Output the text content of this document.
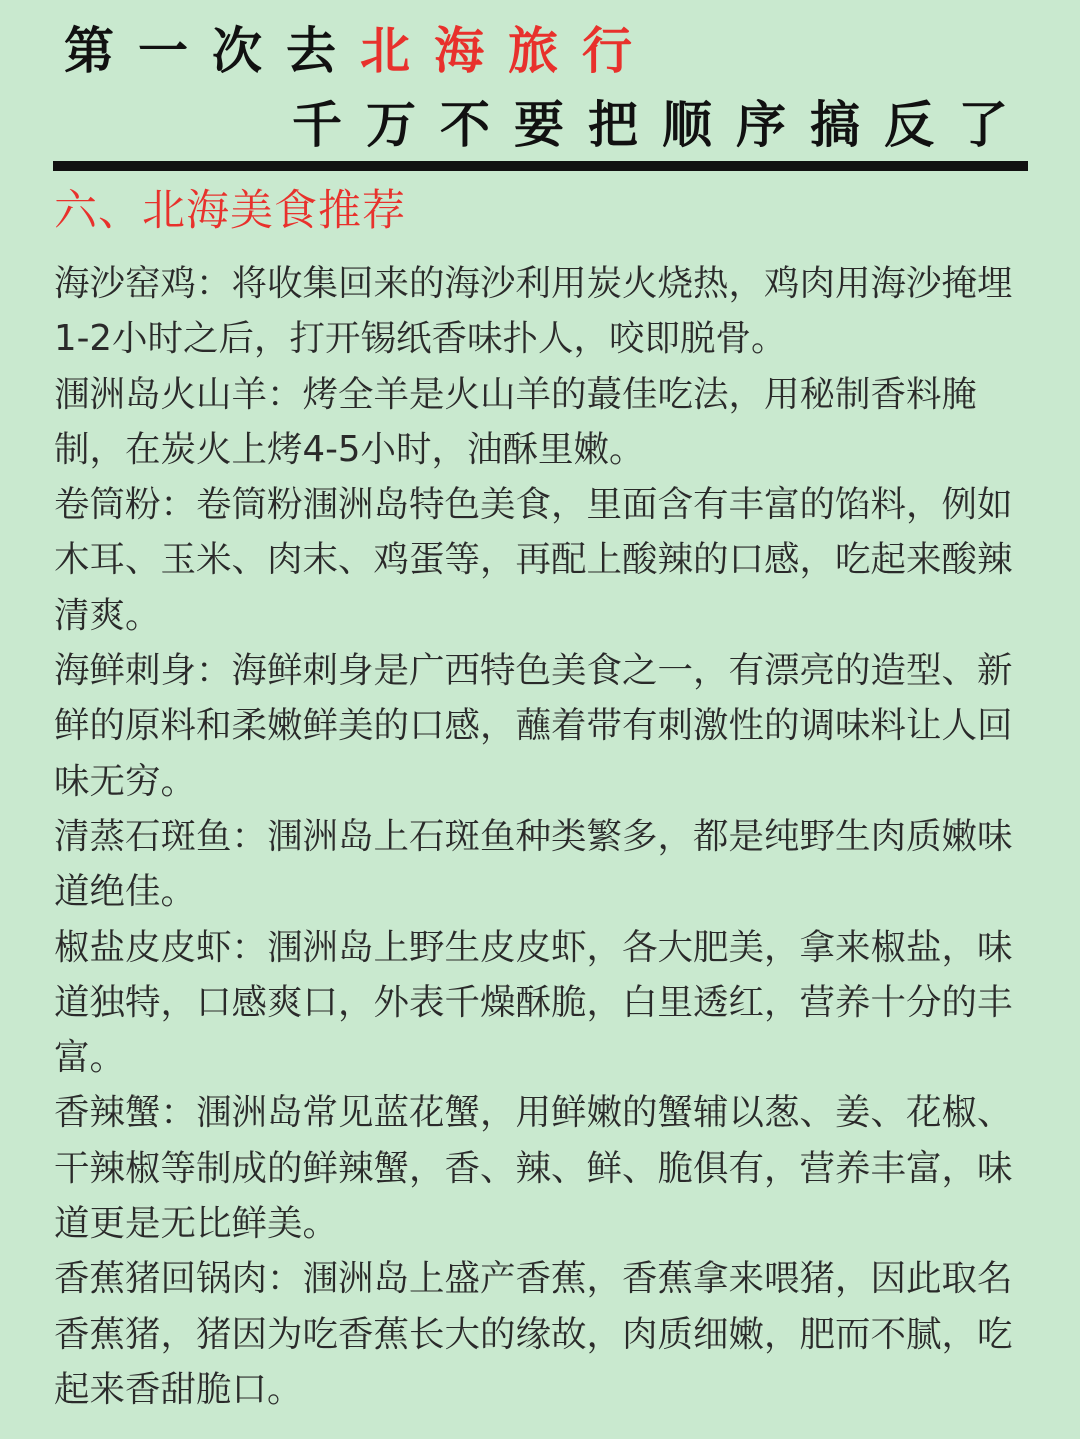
第一次去北海旅行
千万不要把顺序搞反了
六、北海美食推荐

海沙窑鸡：将收集回来的海沙利用炭火烧热，鸡肉用海沙掩埋1-2小时之后，打开锡纸香味扑人，咬即脱骨。

涠洲岛火山羊：烤全羊是火山羊的蕞佳吃法，用秘制香料腌制，在炭火上烤4-5小时，油酥里嫩。

卷筒粉：卷筒粉涠洲岛特色美食，里面含有丰富的馅料，例如木耳、玉米、肉末、鸡蛋等，再配上酸辣的口感，吃起来酸辣清爽。

海鲜刺身：海鲜刺身是广西特色美食之一，有漂亮的造型、新鲜的原料和柔嫩鲜美的口感，蘸着带有刺激性的调味料让人回味无穷。

清蒸石斑鱼：涠洲岛上石斑鱼种类繁多，都是纯野生肉质嫩味道绝佳。

椒盐皮皮虾：涠洲岛上野生皮皮虾，各大肥美，拿来椒盐，味道独特，口感爽口，外表千燥酥脆，白里透红，营养十分的丰富。

香辣蟹：涠洲岛常见蓝花蟹，用鲜嫩的蟹辅以葱、姜、花椒、干辣椒等制成的鲜辣蟹，香、辣、鲜、脆俱有，营养丰富，味道更是无比鲜美。

香蕉猪回锅肉：涠洲岛上盛产香蕉，香蕉拿来喂猪，因此取名香蕉猪，猪因为吃香蕉长大的缘故，肉质细嫩，肥而不腻，吃起来香甜脆口。
